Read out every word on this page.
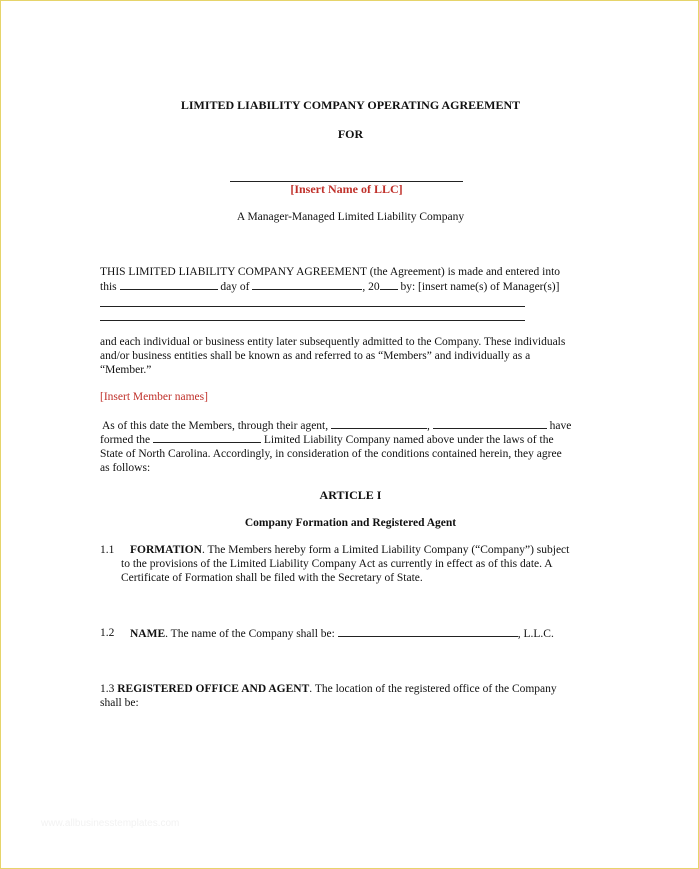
LIMITED LIABILITY COMPANY OPERATING AGREEMENT
FOR
[Insert Name of LLC]
A Manager-Managed Limited Liability Company
THIS LIMITED LIABILITY COMPANY AGREEMENT (the Agreement) is made and entered into
this	day of	, 20 by: [insert name(s) of Manager(s)]
and each individual or business entity later subsequently admitted to the Company. These individuals
and/or business entities shall be known as and referred to as “Members” and individually as a
“Member.”
[Insert Member names]
As of this date the Members, through their agent,	,	have
formed the	Limited Liability Company named above under the laws of the
State of North Carolina. Accordingly, in consideration of the conditions contained herein, they agree
as follows:
ARTICLE I
Company Formation and Registered Agent
1.1 FORMATION. The Members hereby form a Limited Liability Company (“Company”) subject
to the provisions of the Limited Liability Company Act as currently in effect as of this date. A
Certificate of Formation shall be filed with the Secretary of State.
1.2 NAME. The name of the Company shall be:	, L.L.C.
1.3 REGISTERED OFFICE AND AGENT. The location of the registered office of the Company
shall be:
www.allbusinesstemplates.com
